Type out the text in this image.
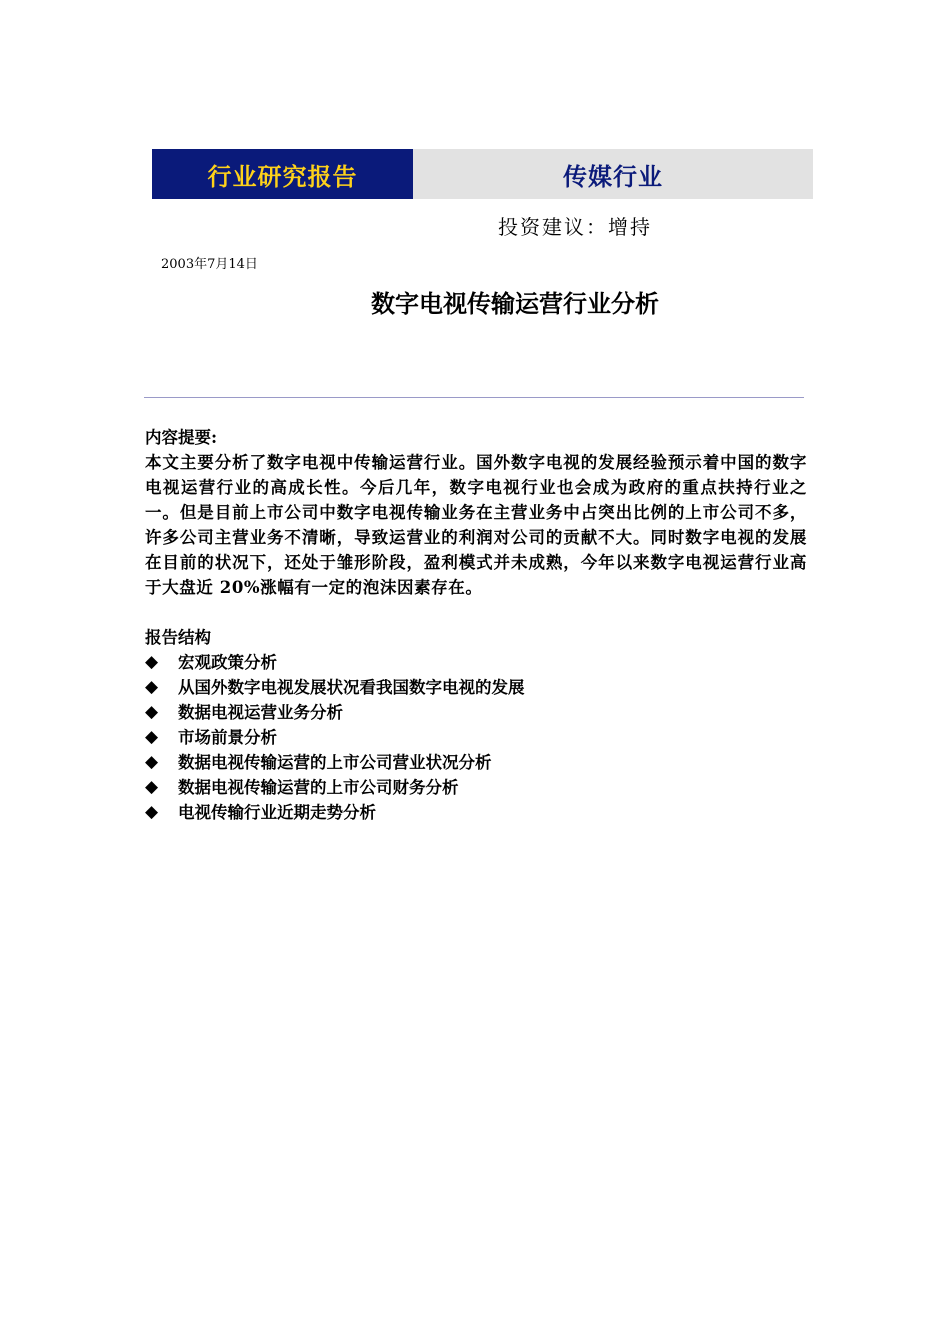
行业研究报告	传媒行业
投资建议：增持
2003年7月14日
数字电视传输运营行业分析
内容提要:

本文主要分析了数字电视中传输运营行业。国外数字电视的发展经验预示着中国的数字电视运营行业的高成长性。今后几年，数字电视行业也会成为政府的重点扶持行业之一。但是目前上市公司中数字电视传输业务在主营业务中占突出比例的上市公司不多，许多公司主营业务不清晰，导致运营业的利润对公司的贡献不大。同时数字电视的发展在目前的状况下，还处于雏形阶段，盈利模式并未成熟，今年以来数字电视运营行业高于大盘近 20%涨幅有一定的泡沫因素存在。

报告结构
◆	宏观政策分析
◆	从国外数字电视发展状况看我国数字电视的发展
◆	数据电视运营业务分析
◆	市场前景分析
◆	数据电视传输运营的上市公司营业状况分析
◆	数据电视传输运营的上市公司财务分析
◆	电视传输行业近期走势分析
